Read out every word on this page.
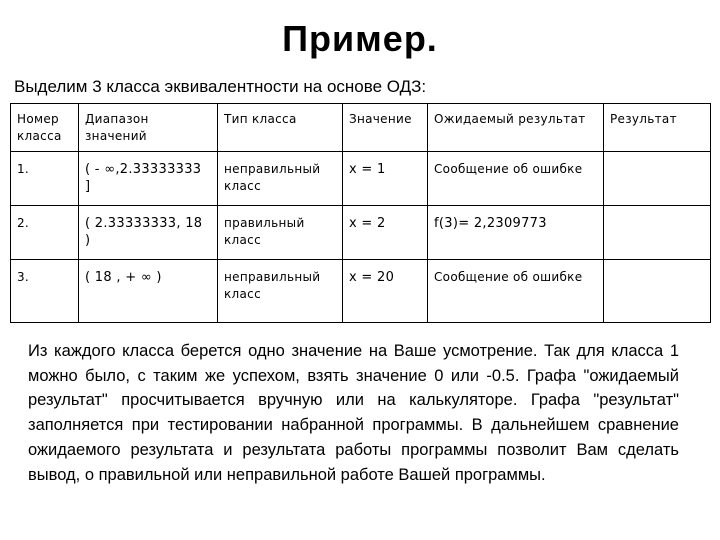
Пример.
Выделим 3 класса эквивалентности на основе ОДЗ:
Номер класса	Диапазон значений	Тип класса	Значение	Ожидаемый результат	Результат
1.	( - ∞,2.33333333 ]	неправильный класс	x = 1	Сообщение об ошибке	
2.	( 2.33333333, 18 )	правильный класс	x = 2	f(3)= 2,2309773	
3.	( 18 , + ∞ )	неправильный класс	x = 20	Сообщение об ошибке	
Из каждого класса берется одно значение на Ваше усмотрение. Так для класса 1 можно было, с таким же успехом, взять значение 0 или -0.5. Графа "ожидаемый результат" просчитывается вручную или на калькуляторе. Графа "результат" заполняется при тестировании набранной программы. В дальнейшем сравнение ожидаемого результата и результата работы программы позволит Вам сделать вывод, о правильной или неправильной работе Вашей программы.
